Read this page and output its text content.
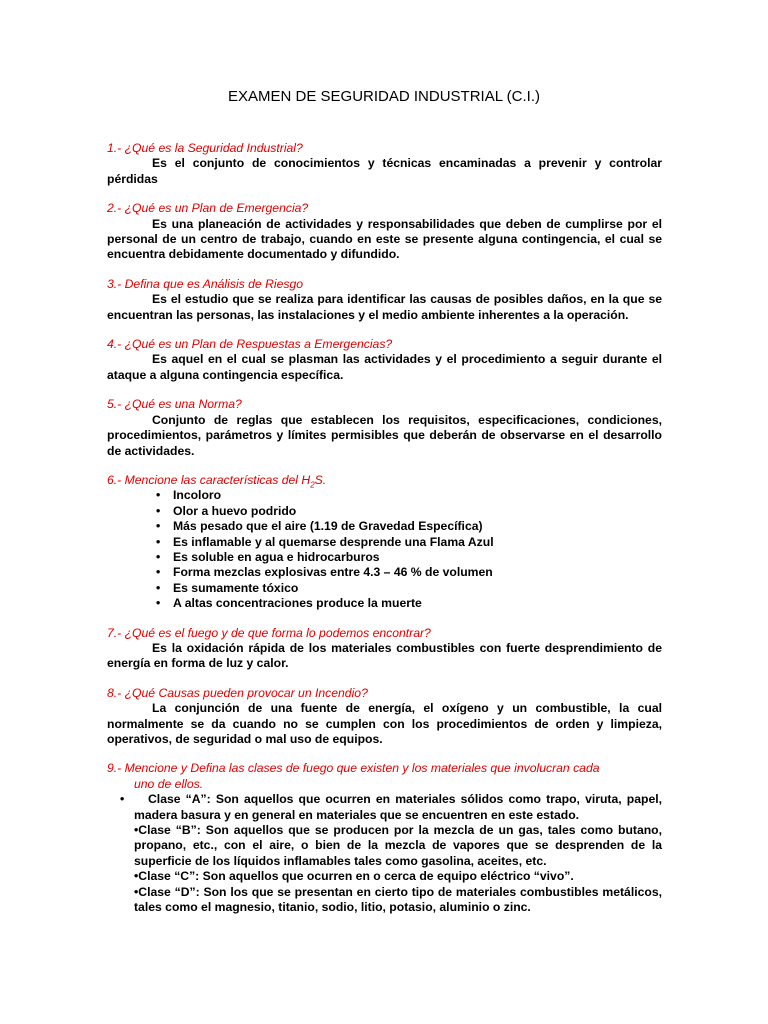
EXAMEN DE SEGURIDAD INDUSTRIAL (C.I.)

1.- ¿Qué es la Seguridad Industrial?

Es el conjunto de conocimientos y técnicas encaminadas a prevenir y controlar pérdidas

2.- ¿Qué es un Plan de Emergencia?

Es una planeación de actividades y responsabilidades que deben de cumplirse por el personal de un centro de trabajo, cuando en este se presente alguna contingencia, el cual se encuentra debidamente documentado y difundido.

3.- Defina que es Análisis de Riesgo

Es el estudio que se realiza para identificar las causas de posibles daños, en la que se encuentran las personas, las instalaciones y el medio ambiente inherentes a la operación.

4.- ¿Qué es un Plan de Respuestas a Emergencias?

Es aquel en el cual se plasman las actividades y el procedimiento a seguir durante el ataque a alguna contingencia específica.

5.- ¿Qué es una Norma?

Conjunto de reglas que establecen los requisitos, especificaciones, condiciones, procedimientos, parámetros y límites permisibles que deberán de observarse en el desarrollo de actividades.

6.- Mencione las características del $H_2S$.

• Incoloro
• Olor a huevo podrido
• Más pesado que el aire (1.19 de Gravedad Específica)
• Es inflamable y al quemarse desprende una Flama Azul
• Es soluble en agua e hidrocarburos
• Forma mezclas explosivas entre 4.3 – 46 % de volumen
• Es sumamente tóxico
• A altas concentraciones produce la muerte

7.- ¿Qué es el fuego y de que forma lo podemos encontrar?

Es la oxidación rápida de los materiales combustibles con fuerte desprendimiento de energía en forma de luz y calor.

8.- ¿Qué Causas pueden provocar un Incendio?

La conjunción de una fuente de energía, el oxígeno y un combustible, la cual normalmente se da cuando no se cumplen con los procedimientos de orden y limpieza, operativos, de seguridad o mal uso de equipos.

9.- Mencione y Defina las clases de fuego que existen y los materiales que involucran cada
uno de ellos.

• Clase “A”: Son aquellos que ocurren en materiales sólidos como trapo, viruta, papel, madera basura y en general en materiales que se encuentren en este estado.

• Clase “B”: Son aquellos que se producen por la mezcla de un gas, tales como butano, propano, etc., con el aire, o bien de la mezcla de vapores que se desprenden de la superficie de los líquidos inflamables tales como gasolina, aceites, etc.

• Clase “C”: Son aquellos que ocurren en o cerca de equipo eléctrico “vivo”.

• Clase “D”: Son los que se presentan en cierto tipo de materiales combustibles metálicos, tales como el magnesio, titanio, sodio, litio, potasio, aluminio o zinc.
